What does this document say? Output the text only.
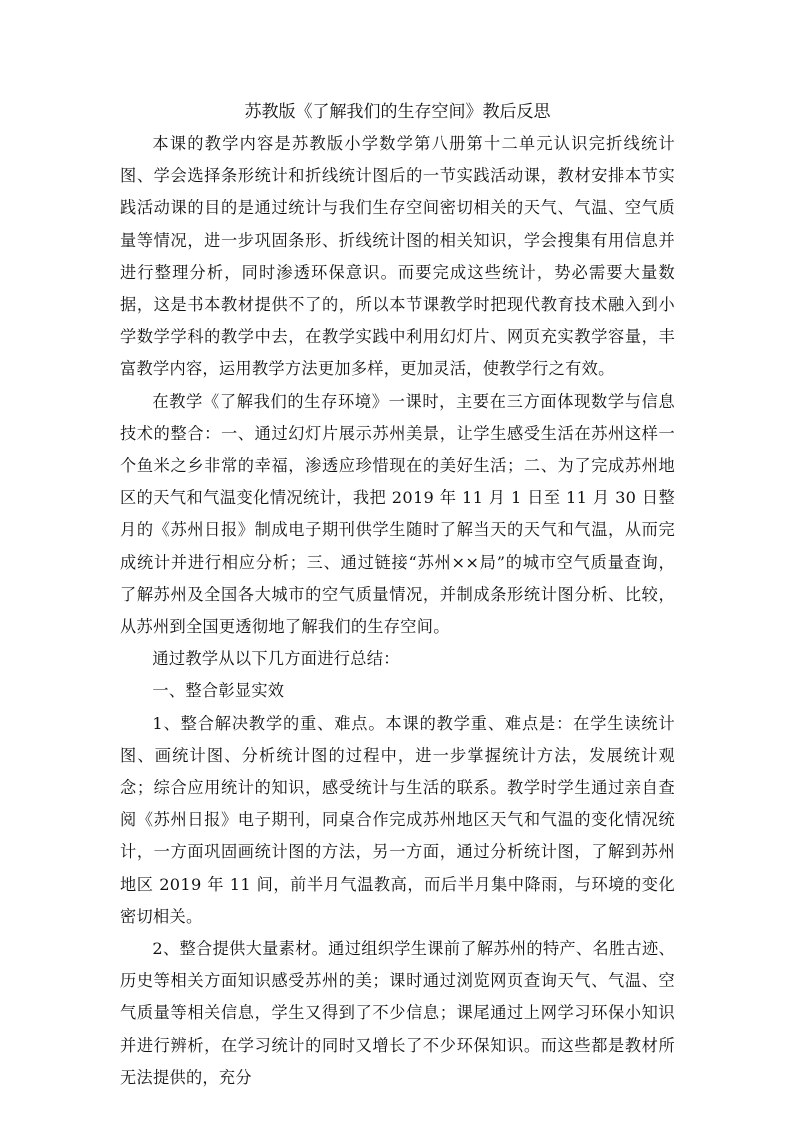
苏教版《了解我们的生存空间》教后反思

本课的教学内容是苏教版小学数学第八册第十二单元认识完折线统计图、学会选择条形统计和折线统计图后的一节实践活动课，教材安排本节实践活动课的目的是通过统计与我们生存空间密切相关的天气、气温、空气质量等情况，进一步巩固条形、折线统计图的相关知识，学会搜集有用信息并进行整理分析，同时渗透环保意识。而要完成这些统计，势必需要大量数据，这是书本教材提供不了的，所以本节课教学时把现代教育技术融入到小学数学学科的教学中去，在教学实践中利用幻灯片、网页充实教学容量，丰富教学内容，运用教学方法更加多样，更加灵活，使教学行之有效。

在教学《了解我们的生存环境》一课时，主要在三方面体现数学与信息技术的整合：一、通过幻灯片展示苏州美景，让学生感受生活在苏州这样一个鱼米之乡非常的幸福，渗透应珍惜现在的美好生活；二、为了完成苏州地区的天气和气温变化情况统计，我把 2019 年 11 月 1 日至 11 月 30 日整月的《苏州日报》制成电子期刊供学生随时了解当天的天气和气温，从而完成统计并进行相应分析；三、通过链接“苏州××局”的城市空气质量查询，了解苏州及全国各大城市的空气质量情况，并制成条形统计图分析、比较，从苏州到全国更透彻地了解我们的生存空间。

通过教学从以下几方面进行总结：

一、整合彰显实效

1、整合解决教学的重、难点。本课的教学重、难点是：在学生读统计图、画统计图、分析统计图的过程中，进一步掌握统计方法，发展统计观念；综合应用统计的知识，感受统计与生活的联系。教学时学生通过亲自查阅《苏州日报》电子期刊，同桌合作完成苏州地区天气和气温的变化情况统计，一方面巩固画统计图的方法，另一方面，通过分析统计图，了解到苏州地区 2019 年 11 间，前半月气温教高，而后半月集中降雨，与环境的变化密切相关。

2、整合提供大量素材。通过组织学生课前了解苏州的特产、名胜古迹、历史等相关方面知识感受苏州的美；课时通过浏览网页查询天气、气温、空气质量等相关信息，学生又得到了不少信息；课尾通过上网学习环保小知识并进行辨析，在学习统计的同时又增长了不少环保知识。而这些都是教材所无法提供的，充分
